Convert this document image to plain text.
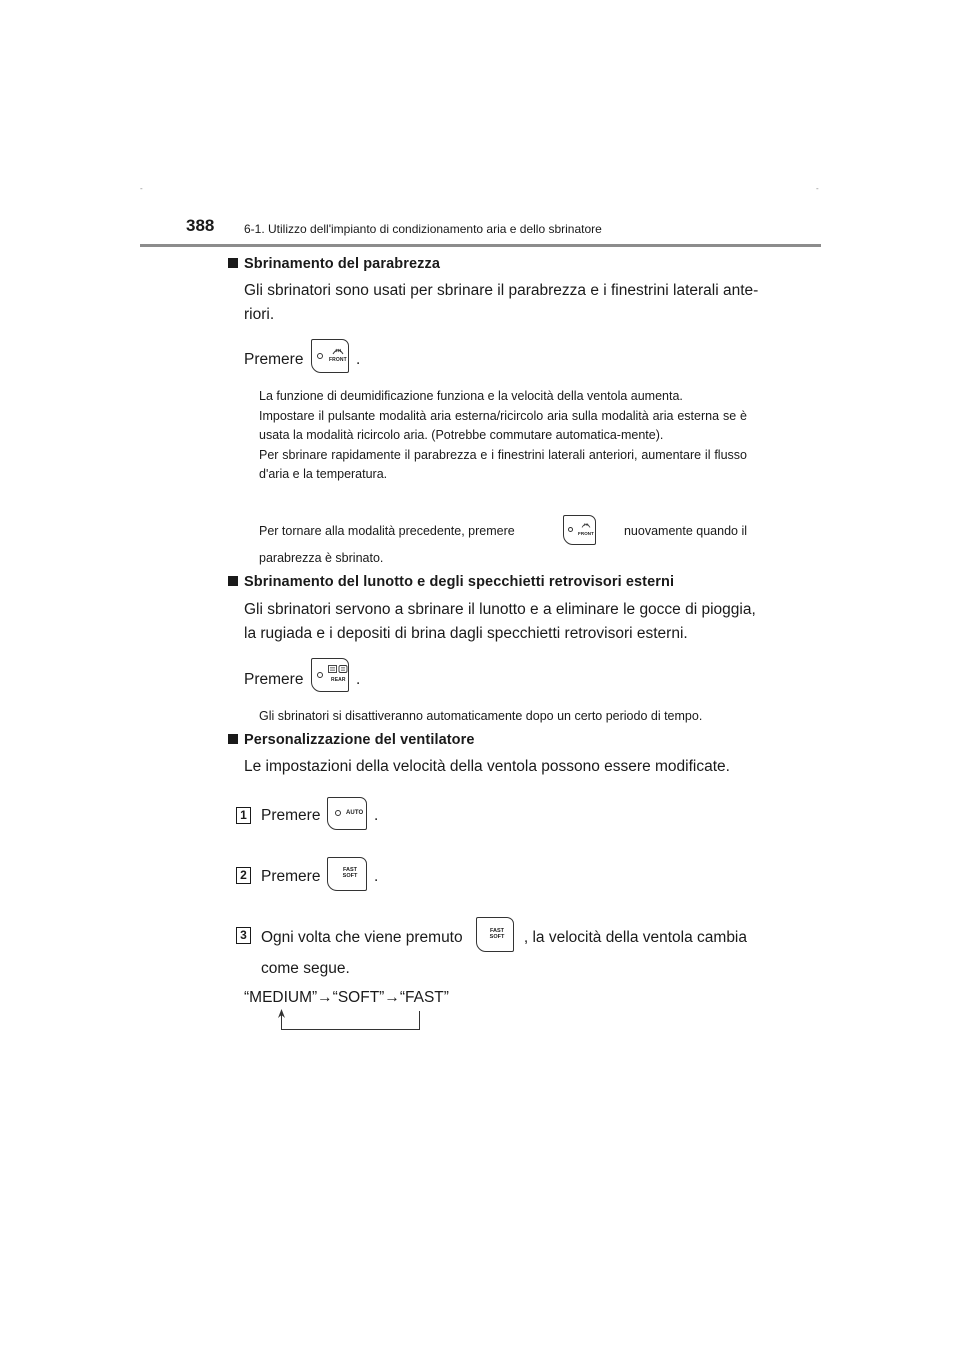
-	-
388 6-1. Utilizzo dell'impianto di condizionamento aria e dello sbrinatore
Sbrinamento del parabrezza
Gli sbrinatori sono usati per sbrinare il parabrezza e i finestrini laterali ante-
riori.
Premere	FRONT .
La funzione di deumidificazione funziona e la velocità della ventola aumenta.
Impostare il pulsante modalità aria esterna/ricircolo aria sulla modalità aria esterna se è usata la modalità ricircolo aria. (Potrebbe commutare automatica-mente).
Per sbrinare rapidamente il parabrezza e i finestrini laterali anteriori, aumentare il flusso d'aria e la temperatura.
Per tornare alla modalità precedente, premere	FRONT	nuovamente quando il
parabrezza è sbrinato.
Sbrinamento del lunotto e degli specchietti retrovisori esterni
Gli sbrinatori servono a sbrinare il lunotto e a eliminare le gocce di pioggia,
la rugiada e i depositi di brina dagli specchietti retrovisori esterni.
Premere	REAR .
Gli sbrinatori si disattiveranno automaticamente dopo un certo periodo di tempo.
Personalizzazione del ventilatore
Le impostazioni della velocità della ventola possono essere modificate.
1 Premere	AUTO .
2 Premere	FAST
SOFT .
3 Ogni volta che viene premuto	FAST
SOFT , la velocità della ventola cambia
come segue.
“MEDIUM”→“SOFT”→“FAST”
